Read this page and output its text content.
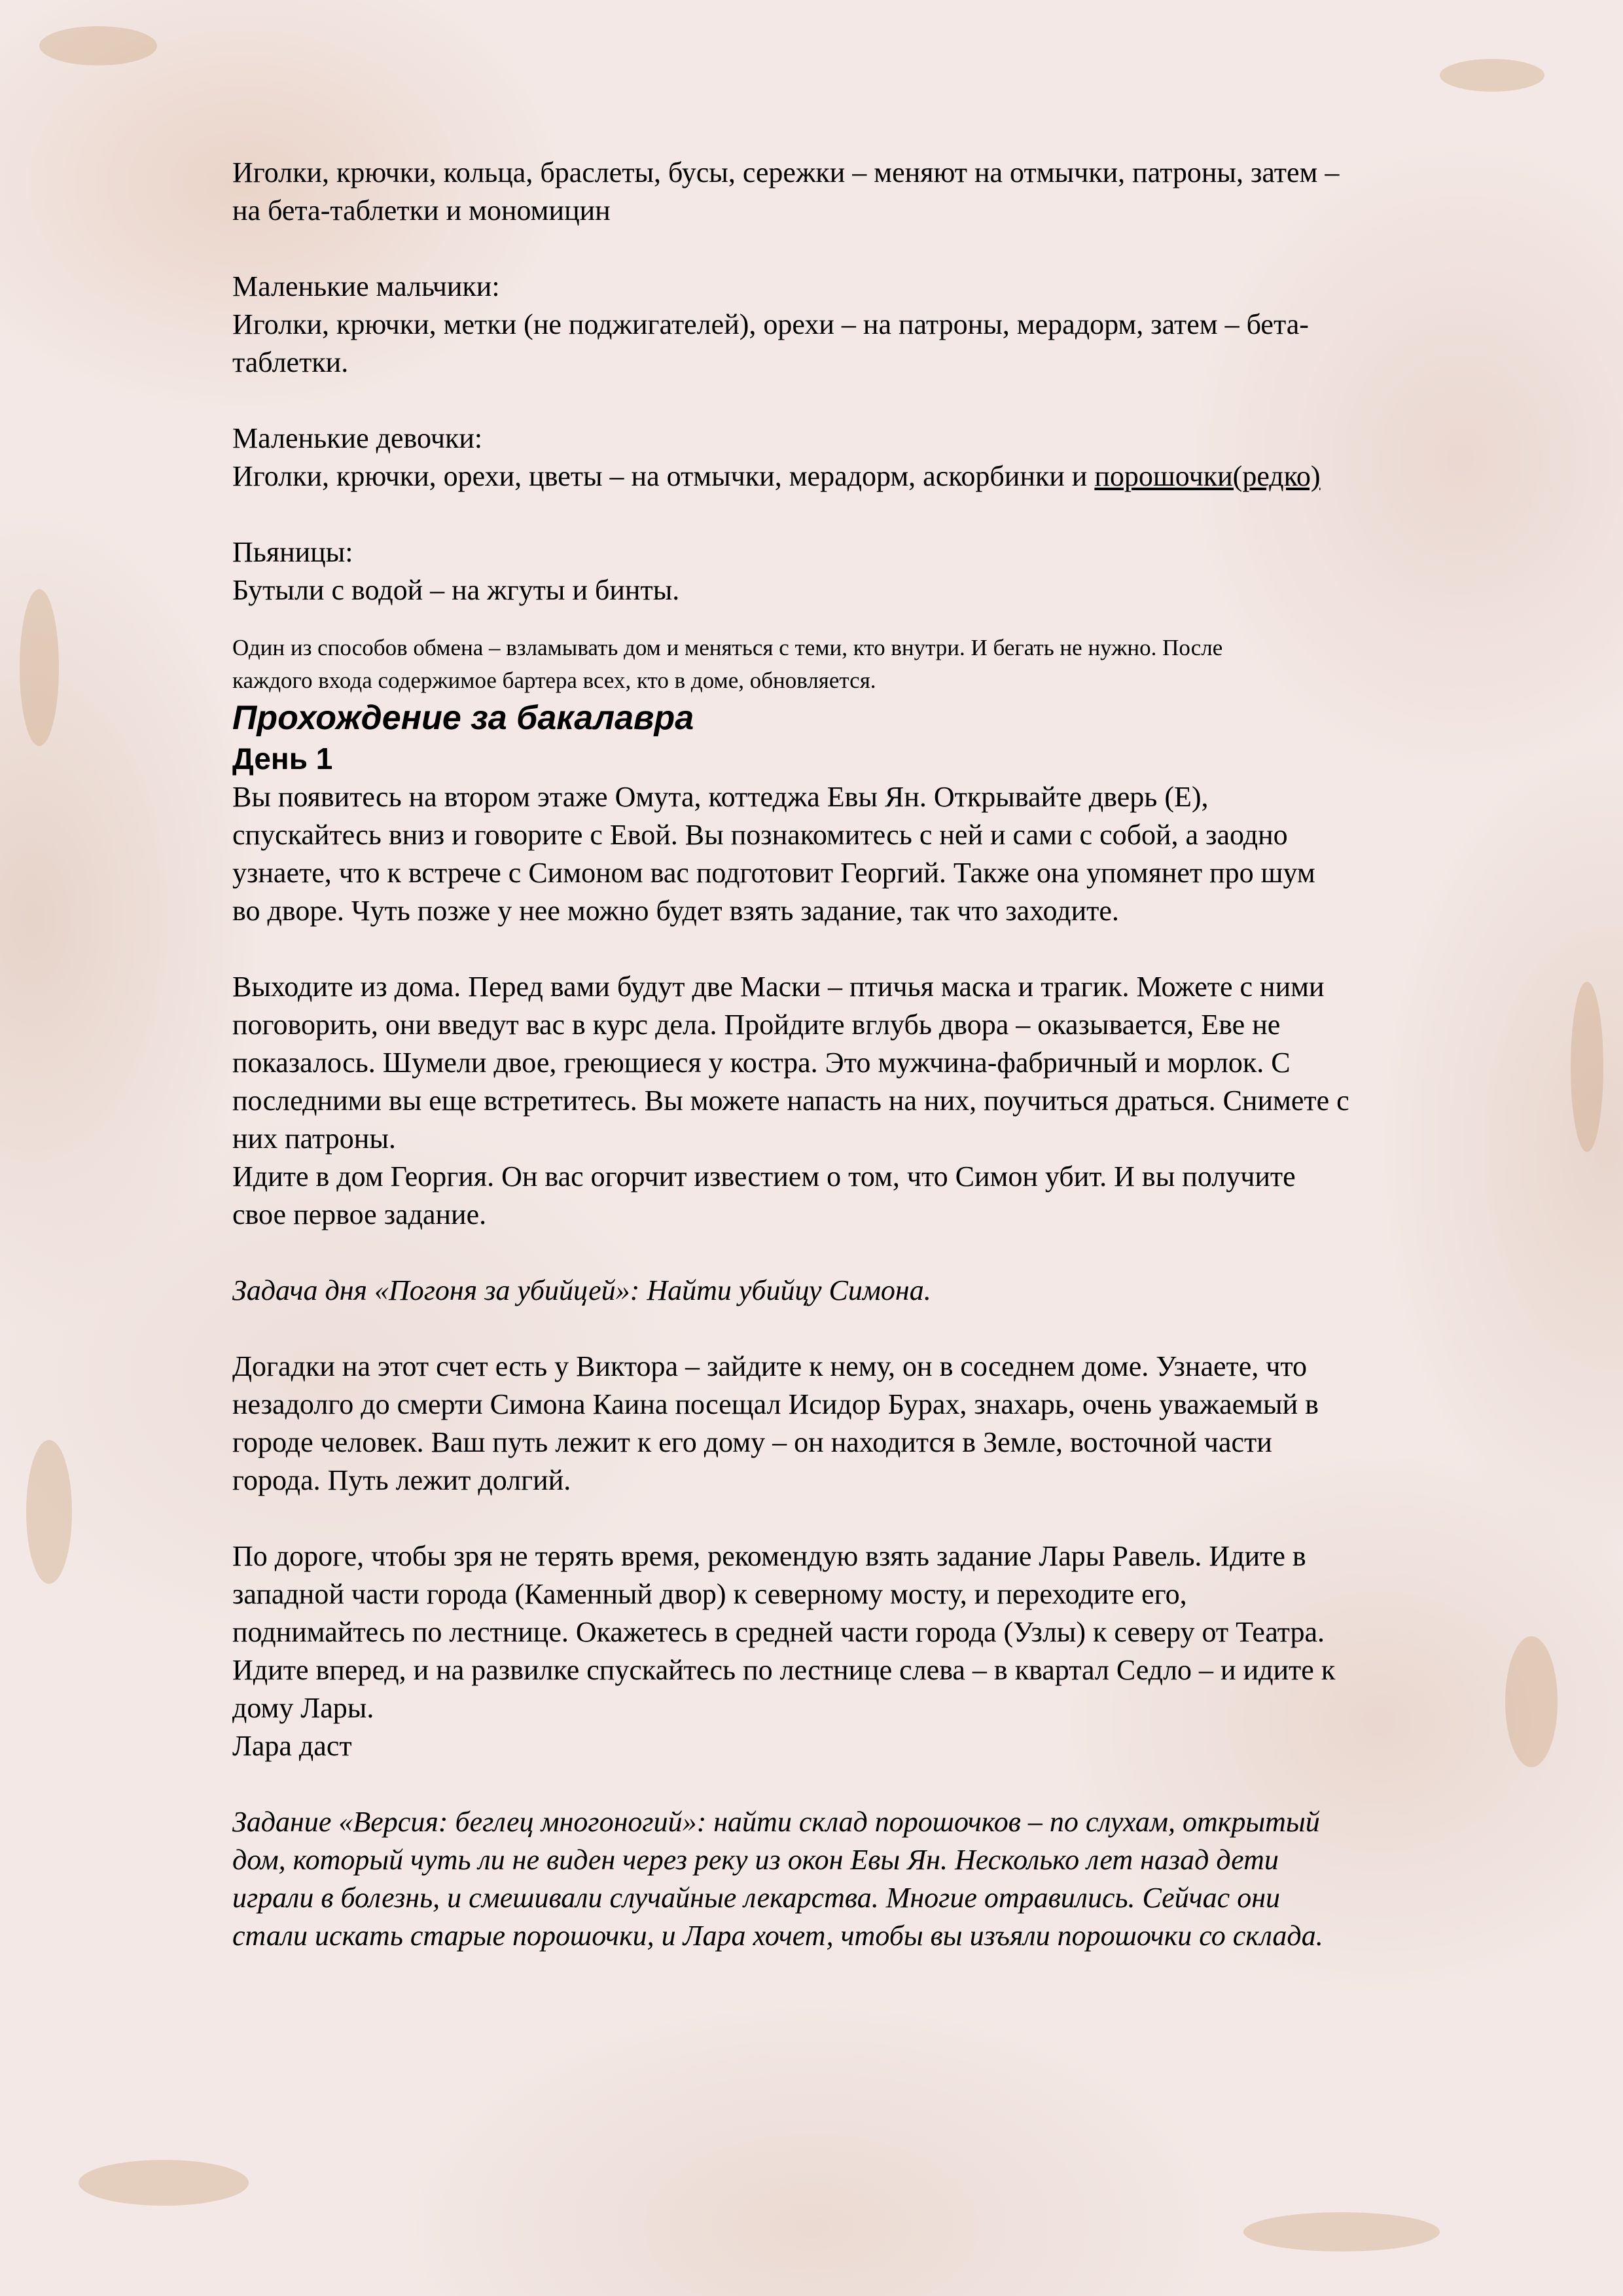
Иголки, крючки, кольца, браслеты, бусы, сережки – меняют на отмычки, патроны, затем –

на бета-таблетки и мономицин

Маленькие мальчики:

Иголки, крючки, метки (не поджигателей), орехи – на патроны, мерадорм, затем – бета-

таблетки.

Маленькие девочки:

Иголки, крючки, орехи, цветы – на отмычки, мерадорм, аскорбинки и порошочки(редко)

Пьяницы:

Бутыли с водой – на жгуты и бинты.

Один из способов обмена – взламывать дом и меняться с теми, кто внутри. И бегать не нужно. После

каждого входа содержимое бартера всех, кто в доме, обновляется.

Прохождение за бакалавра

День 1

Вы появитесь на втором этаже Омута, коттеджа Евы Ян. Открывайте дверь (Е),

спускайтесь вниз и говорите с Евой. Вы познакомитесь с ней и сами с собой, а заодно

узнаете, что к встрече с Симоном вас подготовит Георгий. Также она упомянет про шум

во дворе. Чуть позже у нее можно будет взять задание, так что заходите.

Выходите из дома. Перед вами будут две Маски – птичья маска и трагик. Можете с ними

поговорить, они введут вас в курс дела. Пройдите вглубь двора – оказывается, Еве не

показалось. Шумели двое, греющиеся у костра. Это мужчина-фабричный и морлок. С

последними вы еще встретитесь. Вы можете напасть на них, поучиться драться. Снимете с

них патроны.

Идите в дом Георгия. Он вас огорчит известием о том, что Симон убит. И вы получите

свое первое задание.

Задача дня «Погоня за убийцей»: Найти убийцу Симона.

Догадки на этот счет есть у Виктора – зайдите к нему, он в соседнем доме. Узнаете, что

незадолго до смерти Симона Каина посещал Исидор Бурах, знахарь, очень уважаемый в

городе человек. Ваш путь лежит к его дому – он находится в Земле, восточной части

города. Путь лежит долгий.

По дороге, чтобы зря не терять время, рекомендую взять задание Лары Равель. Идите в

западной части города (Каменный двор) к северному мосту, и переходите его,

поднимайтесь по лестнице. Окажетесь в средней части города (Узлы) к северу от Театра.

Идите вперед, и на развилке спускайтесь по лестнице слева – в квартал Седло – и идите к

дому Лары.

Лара даст

Задание «Версия: беглец многоногий»: найти склад порошочков – по слухам, открытый

дом, который чуть ли не виден через реку из окон Евы Ян. Несколько лет назад дети

играли в болезнь, и смешивали случайные лекарства. Многие отравились. Сейчас они

стали искать старые порошочки, и Лара хочет, чтобы вы изъяли порошочки со склада.
